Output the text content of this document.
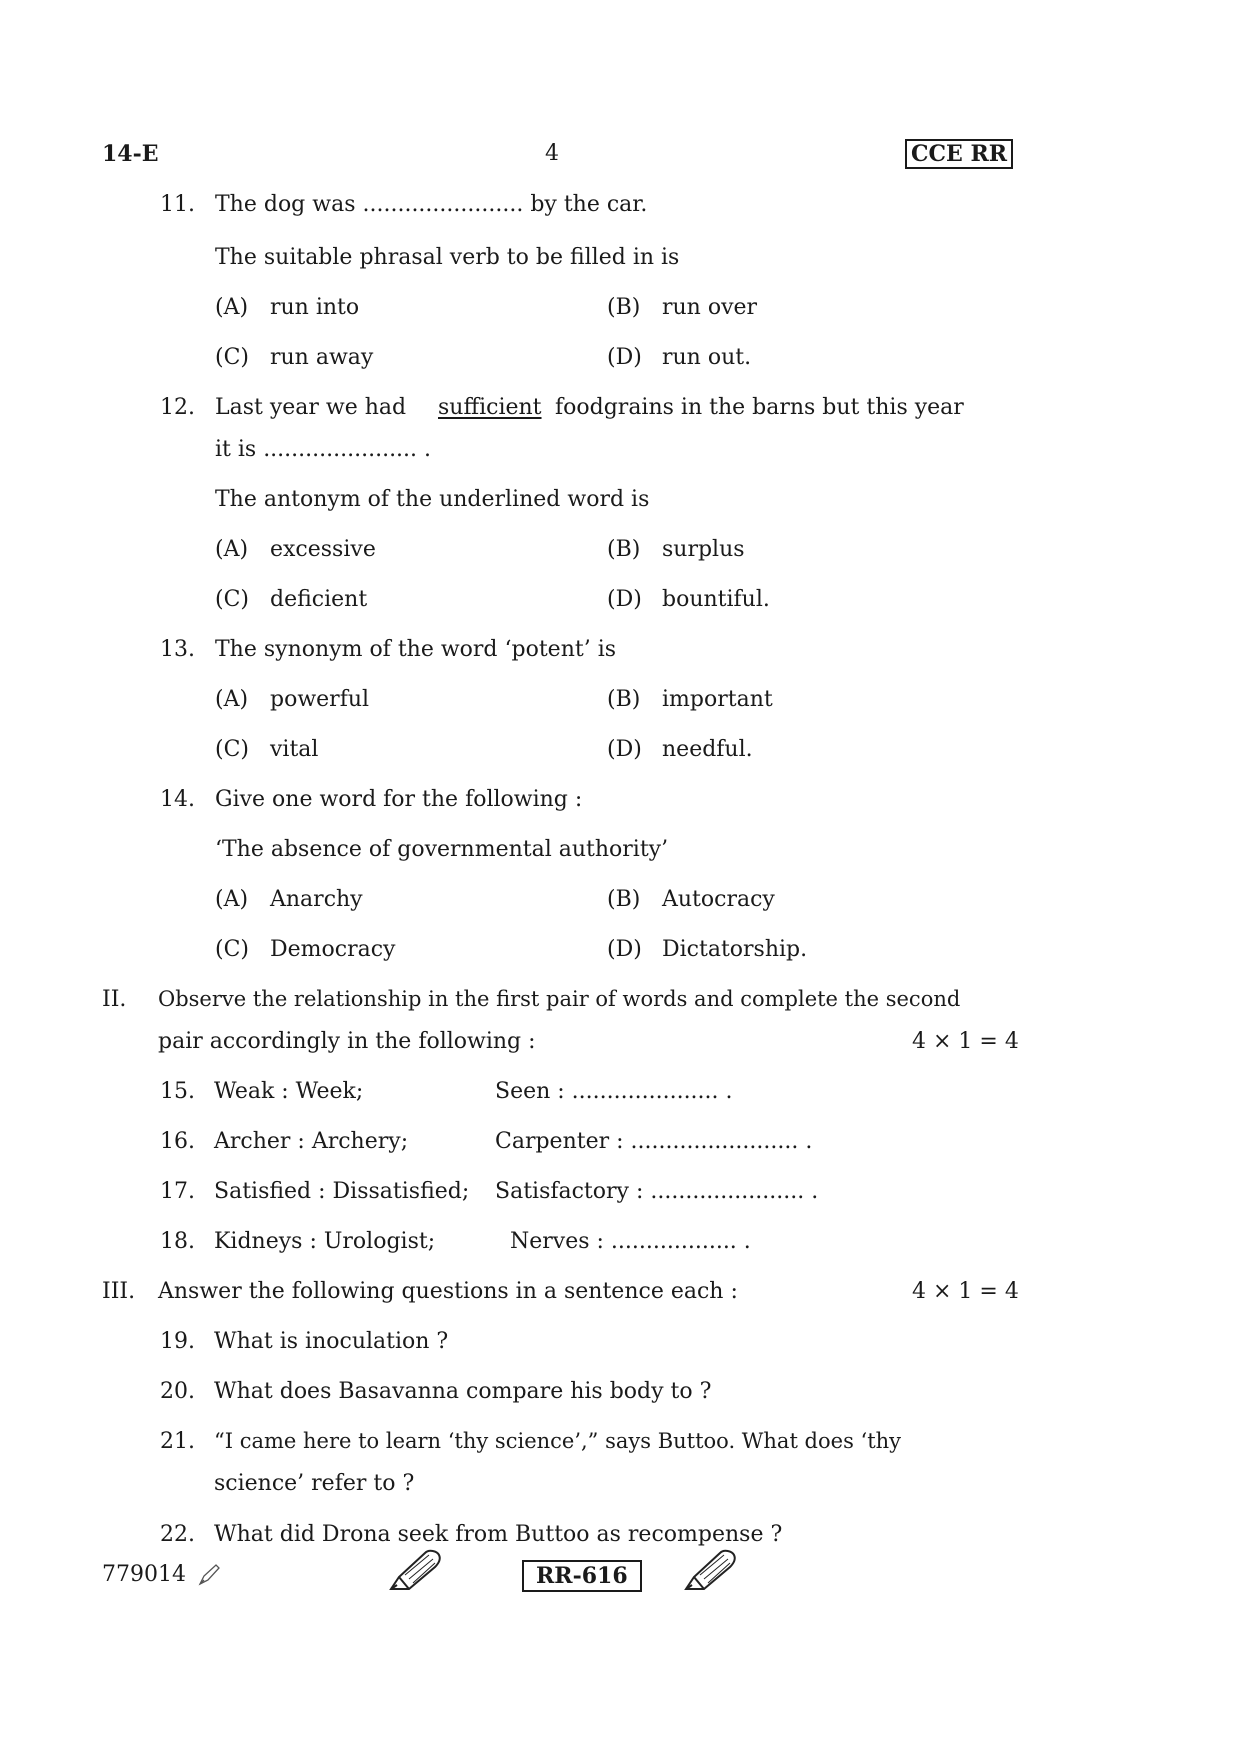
14-E	4	CCE RR
11. The dog was ....................... by the car.
The suitable phrasal verb to be filled in is
(A) run into	(B) run over
(C) run away	(D) run out.
12. Last year we had sufficient foodgrains in the barns but this year
it is ...................... .
The antonym of the underlined word is
(A) excessive	(B) surplus
(C) deficient	(D) bountiful.
13. The synonym of the word ‘potent’ is
(A) powerful	(B) important
(C) vital	(D) needful.
14. Give one word for the following :
‘The absence of governmental authority’
(A) Anarchy	(B) Autocracy
(C) Democracy	(D) Dictatorship.
II. Observe the relationship in the first pair of words and complete the second
pair accordingly in the following :	4 × 1 = 4
15. Weak : Week;	Seen : ..................... .
16. Archer : Archery;	Carpenter : ........................ .
17. Satisfied : Dissatisfied; Satisfactory : ...................... .
18. Kidneys : Urologist;	Nerves : .................. .
III. Answer the following questions in a sentence each :	4 × 1 = 4
19. What is inoculation ?
20. What does Basavanna compare his body to ?
21. “I came here to learn ‘thy science’,” says Buttoo. What does ‘thy
science’ refer to ?
22. What did Drona seek from Buttoo as recompense ?
779014	RR-616
